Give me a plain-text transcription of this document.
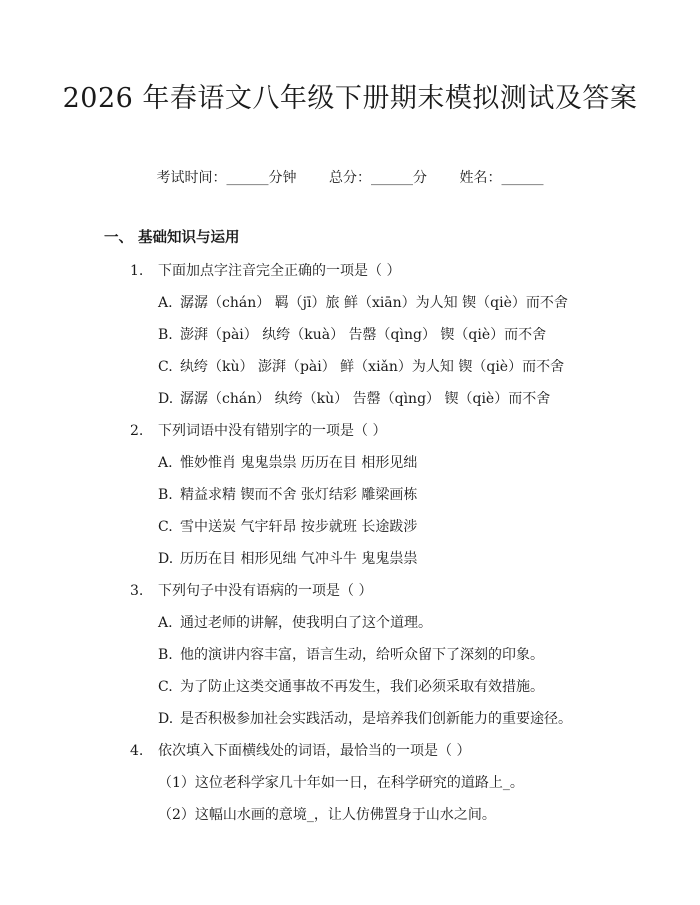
2026 年春语文八年级下册期末模拟测试及答案
考试时间：______分钟 总分：______分 姓名：______
一、 基础知识与运用
1. 下面加点字注音完全正确的一项是（ ）
A. 潺潺（chán） 羁（jī）旅 鲜（xiān）为人知 锲（qiè）而不舍
B. 澎湃（pài） 纨绔（kuà） 告罄（qìng） 锲（qiè）而不舍
C. 纨绔（kù） 澎湃（pài） 鲜（xiǎn）为人知 锲（qiè）而不舍
D. 潺潺（chán） 纨绔（kù） 告罄（qìng） 锲（qiè）而不舍
2. 下列词语中没有错别字的一项是（ ）
A. 惟妙惟肖 鬼鬼祟祟 历历在目 相形见绌
B. 精益求精 锲而不舍 张灯结彩 雕梁画栋
C. 雪中送炭 气宇轩昂 按步就班 长途跋涉
D. 历历在目 相形见绌 气冲斗牛 鬼鬼祟祟
3. 下列句子中没有语病的一项是（ ）
A. 通过老师的讲解，使我明白了这个道理。
B. 他的演讲内容丰富，语言生动，给听众留下了深刻的印象。
C. 为了防止这类交通事故不再发生，我们必须采取有效措施。
D. 是否积极参加社会实践活动，是培养我们创新能力的重要途径。
4. 依次填入下面横线处的词语，最恰当的一项是（ ）
（1）这位老科学家几十年如一日，在科学研究的道路上_。
（2）这幅山水画的意境_，让人仿佛置身于山水之间。
